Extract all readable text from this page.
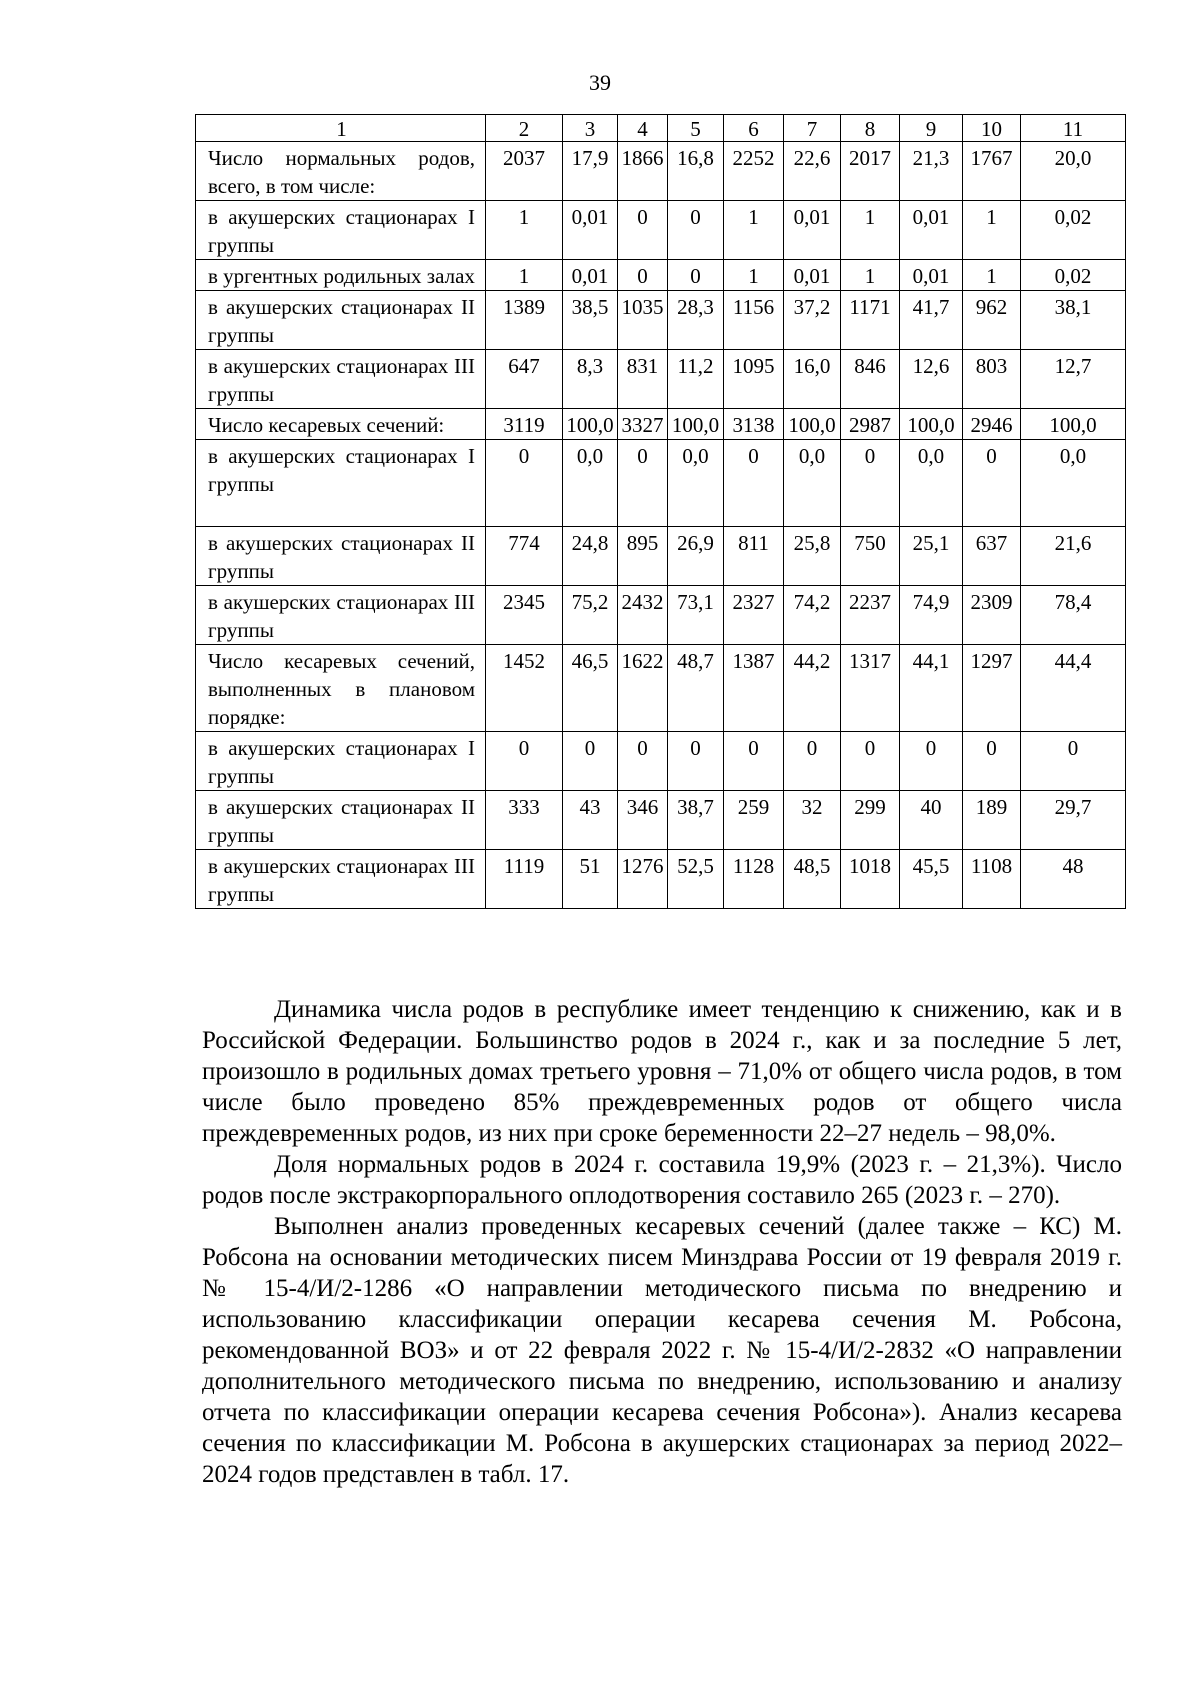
39
1	2	3	4	5	6	7	8	9	10	11
Число нормальных родов, всего, в том числе:	2037	17,9	1866	16,8	2252	22,6	2017	21,3	1767	20,0
в акушерских стационарах I группы	1	0,01	0	0	1	0,01	1	0,01	1	0,02
в ургентных родильных залах	1	0,01	0	0	1	0,01	1	0,01	1	0,02
в акушерских стационарах II группы	1389	38,5	1035	28,3	1156	37,2	1171	41,7	962	38,1
в акушерских стационарах III группы	647	8,3	831	11,2	1095	16,0	846	12,6	803	12,7
Число кесаревых сечений:	3119	100,0	3327	100,0	3138	100,0	2987	100,0	2946	100,0
в акушерских стационарах I группы	0	0,0	0	0,0	0	0,0	0	0,0	0	0,0
в акушерских стационарах II группы	774	24,8	895	26,9	811	25,8	750	25,1	637	21,6
в акушерских стационарах III группы	2345	75,2	2432	73,1	2327	74,2	2237	74,9	2309	78,4
Число кесаревых сечений, выполненных в плановом порядке:	1452	46,5	1622	48,7	1387	44,2	1317	44,1	1297	44,4
в акушерских стационарах I группы	0	0	0	0	0	0	0	0	0	0
в акушерских стационарах II группы	333	43	346	38,7	259	32	299	40	189	29,7
в акушерских стационарах III группы	1119	51	1276	52,5	1128	48,5	1018	45,5	1108	48

Динамика числа родов в республике имеет тенденцию к снижению, как и в Российской Федерации. Большинство родов в 2024 г., как и за последние 5 лет, произошло в родильных домах третьего уровня – 71,0% от общего числа родов, в том числе было проведено 85% преждевременных родов от общего числа преждевременных родов, из них при сроке беременности 22–27 недель – 98,0%.

Доля нормальных родов в 2024 г. составила 19,9% (2023 г. – 21,3%). Число родов после экстракорпорального оплодотворения составило 265 (2023 г. – 270).

Выполнен анализ проведенных кесаревых сечений (далее также – КС) М. Робсона на основании методических писем Минздрава России от 19 февраля 2019 г. № 15-4/И/2-1286 «О направлении методического письма по внедрению и использованию классификации операции кесарева сечения М. Робсона, рекомендованной ВОЗ» и от 22 февраля 2022 г. № 15-4/И/2-2832 «О направлении дополнительного методического письма по внедрению, использованию и анализу отчета по классификации операции кесарева сечения Робсона»). Анализ кесарева сечения по классификации М. Робсона в акушерских стационарах за период 2022–2024 годов представлен в табл. 17.
